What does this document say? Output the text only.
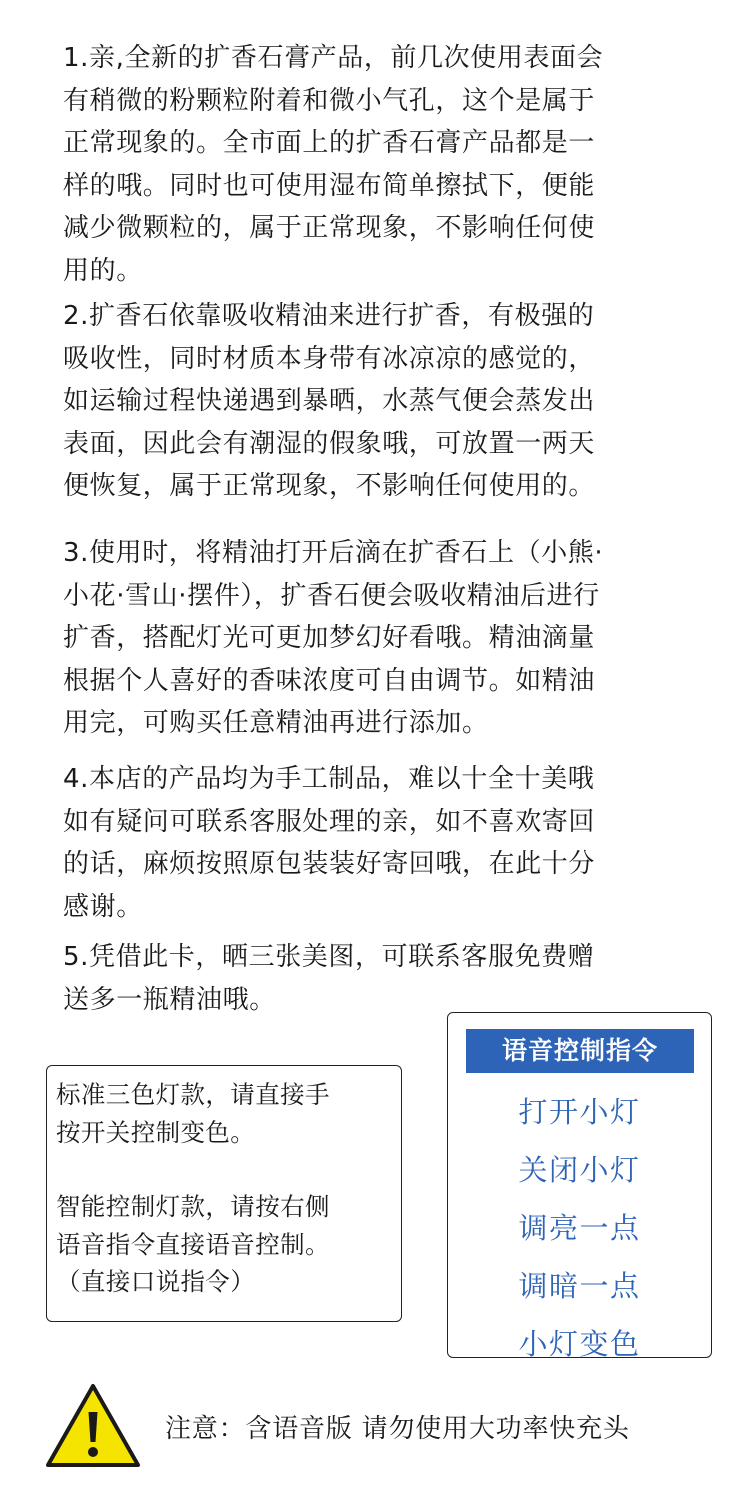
1.亲,全新的扩香石膏产品，前几次使用表面会
有稍微的粉颗粒附着和微小气孔，这个是属于
正常现象的。全市面上的扩香石膏产品都是一
样的哦。同时也可使用湿布简单擦拭下，便能
减少微颗粒的，属于正常现象，不影响任何使
用的。
2.扩香石依靠吸收精油来进行扩香，有极强的
吸收性，同时材质本身带有冰凉凉的感觉的，
如运输过程快递遇到暴晒，水蒸气便会蒸发出
表面，因此会有潮湿的假象哦，可放置一两天
便恢复，属于正常现象，不影响任何使用的。
3.使用时，将精油打开后滴在扩香石上（小熊·
小花·雪山·摆件），扩香石便会吸收精油后进行
扩香，搭配灯光可更加梦幻好看哦。精油滴量
根据个人喜好的香味浓度可自由调节。如精油
用完，可购买任意精油再进行添加。
4.本店的产品均为手工制品，难以十全十美哦
如有疑问可联系客服处理的亲，如不喜欢寄回
的话，麻烦按照原包装装好寄回哦，在此十分
感谢。
5.凭借此卡，晒三张美图，可联系客服免费赠
送多一瓶精油哦。
标准三色灯款，请直接手
按开关控制变色。
智能控制灯款，请按右侧
语音指令直接语音控制。
（直接口说指令）
语音控制指令
打开小灯
关闭小灯
调亮一点
调暗一点
小灯变色
注意：含语音版 请勿使用大功率快充头
